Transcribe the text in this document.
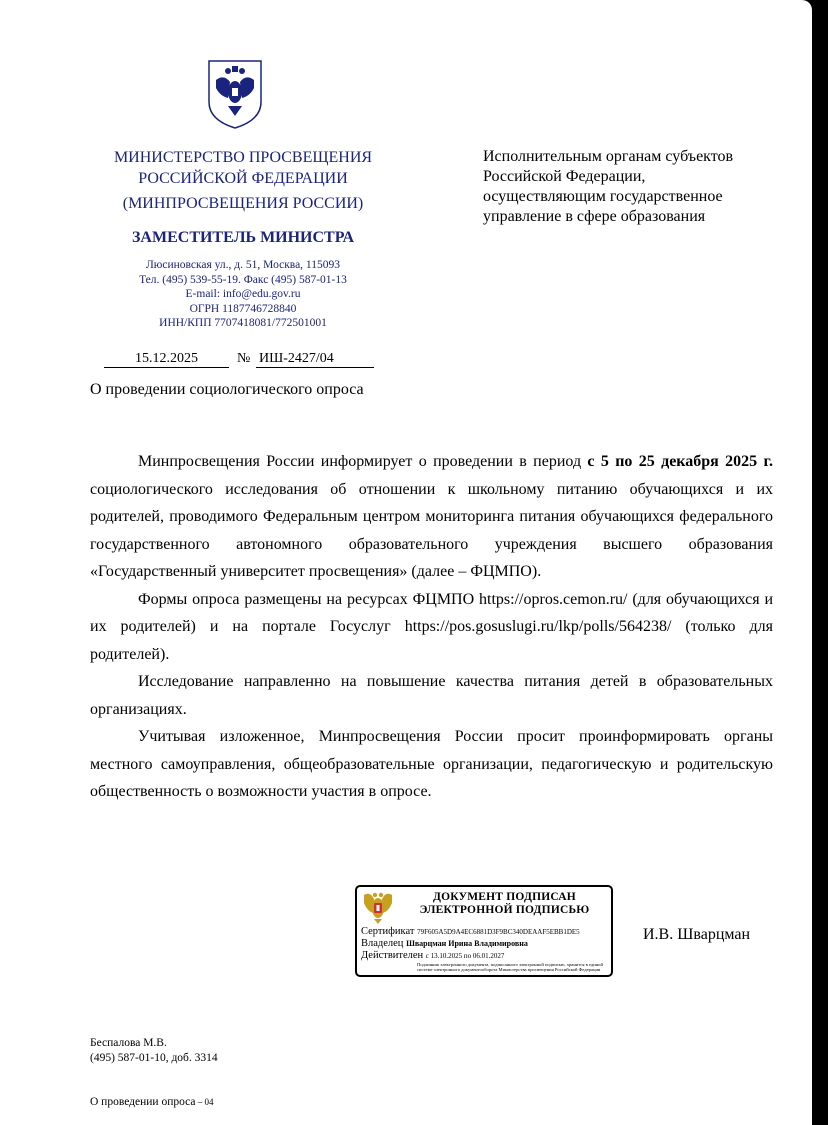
МИНИСТЕРСТВО ПРОСВЕЩЕНИЯ
РОССИЙСКОЙ ФЕДЕРАЦИИ
(МИНПРОСВЕЩЕНИЯ РОССИИ)
ЗАМЕСТИТЕЛЬ МИНИСТРА
Люсиновская ул., д. 51, Москва, 115093
Тел. (495) 539-55-19. Факс (495) 587-01-13
E-mail: info@edu.gov.ru
ОГРН 1187746728840
ИНН/КПП 7707418081/772501001
Исполнительным органам субъектов
Российской Федерации,
осуществляющим государственное
управление в сфере образования
15.12.2025	№ ИШ-2427/04
О проведении социологического опроса

Минпросвещения России информирует о проведении в период с 5 по 25 декабря 2025 г. социологического исследования об отношении к школьному питанию обучающихся и их родителей, проводимого Федеральным центром мониторинга питания обучающихся федерального государственного автономного образовательного учреждения высшего образования «Государственный университет просвещения» (далее – ФЦМПО).

Формы опроса размещены на ресурсах ФЦМПО https://opros.cemon.ru/ (для обучающихся и их родителей) и на портале Госуслуг https://pos.gosuslugi.ru/lkp/polls/564238/ (только для родителей).

Исследование направленно на повышение качества питания детей в образовательных организациях.

Учитывая изложенное, Минпросвещения России просит проинформировать органы местного самоуправления, общеобразовательные организации, педагогическую и родительскую общественность о возможности участия в опросе.

ДОКУМЕНТ ПОДПИСАН
ЭЛЕКТРОННОЙ ПОДПИСЬЮ
Сертификат 79F605A5D9A4EC6881D3F9BC340DEAAF5EBB1DE5
Владелец Шварцман Ирина Владимировна
Действителен с 13.10.2025 по 06.01.2027
Подлинник электронного документа, подписанного электронной подписью, хранится в единой системе электронного документооборота Министерства просвещения Российской Федерации
И.В. Шварцман
Беспалова М.В.
(495) 587-01-10, доб. 3314
О проведении опроса – 04
